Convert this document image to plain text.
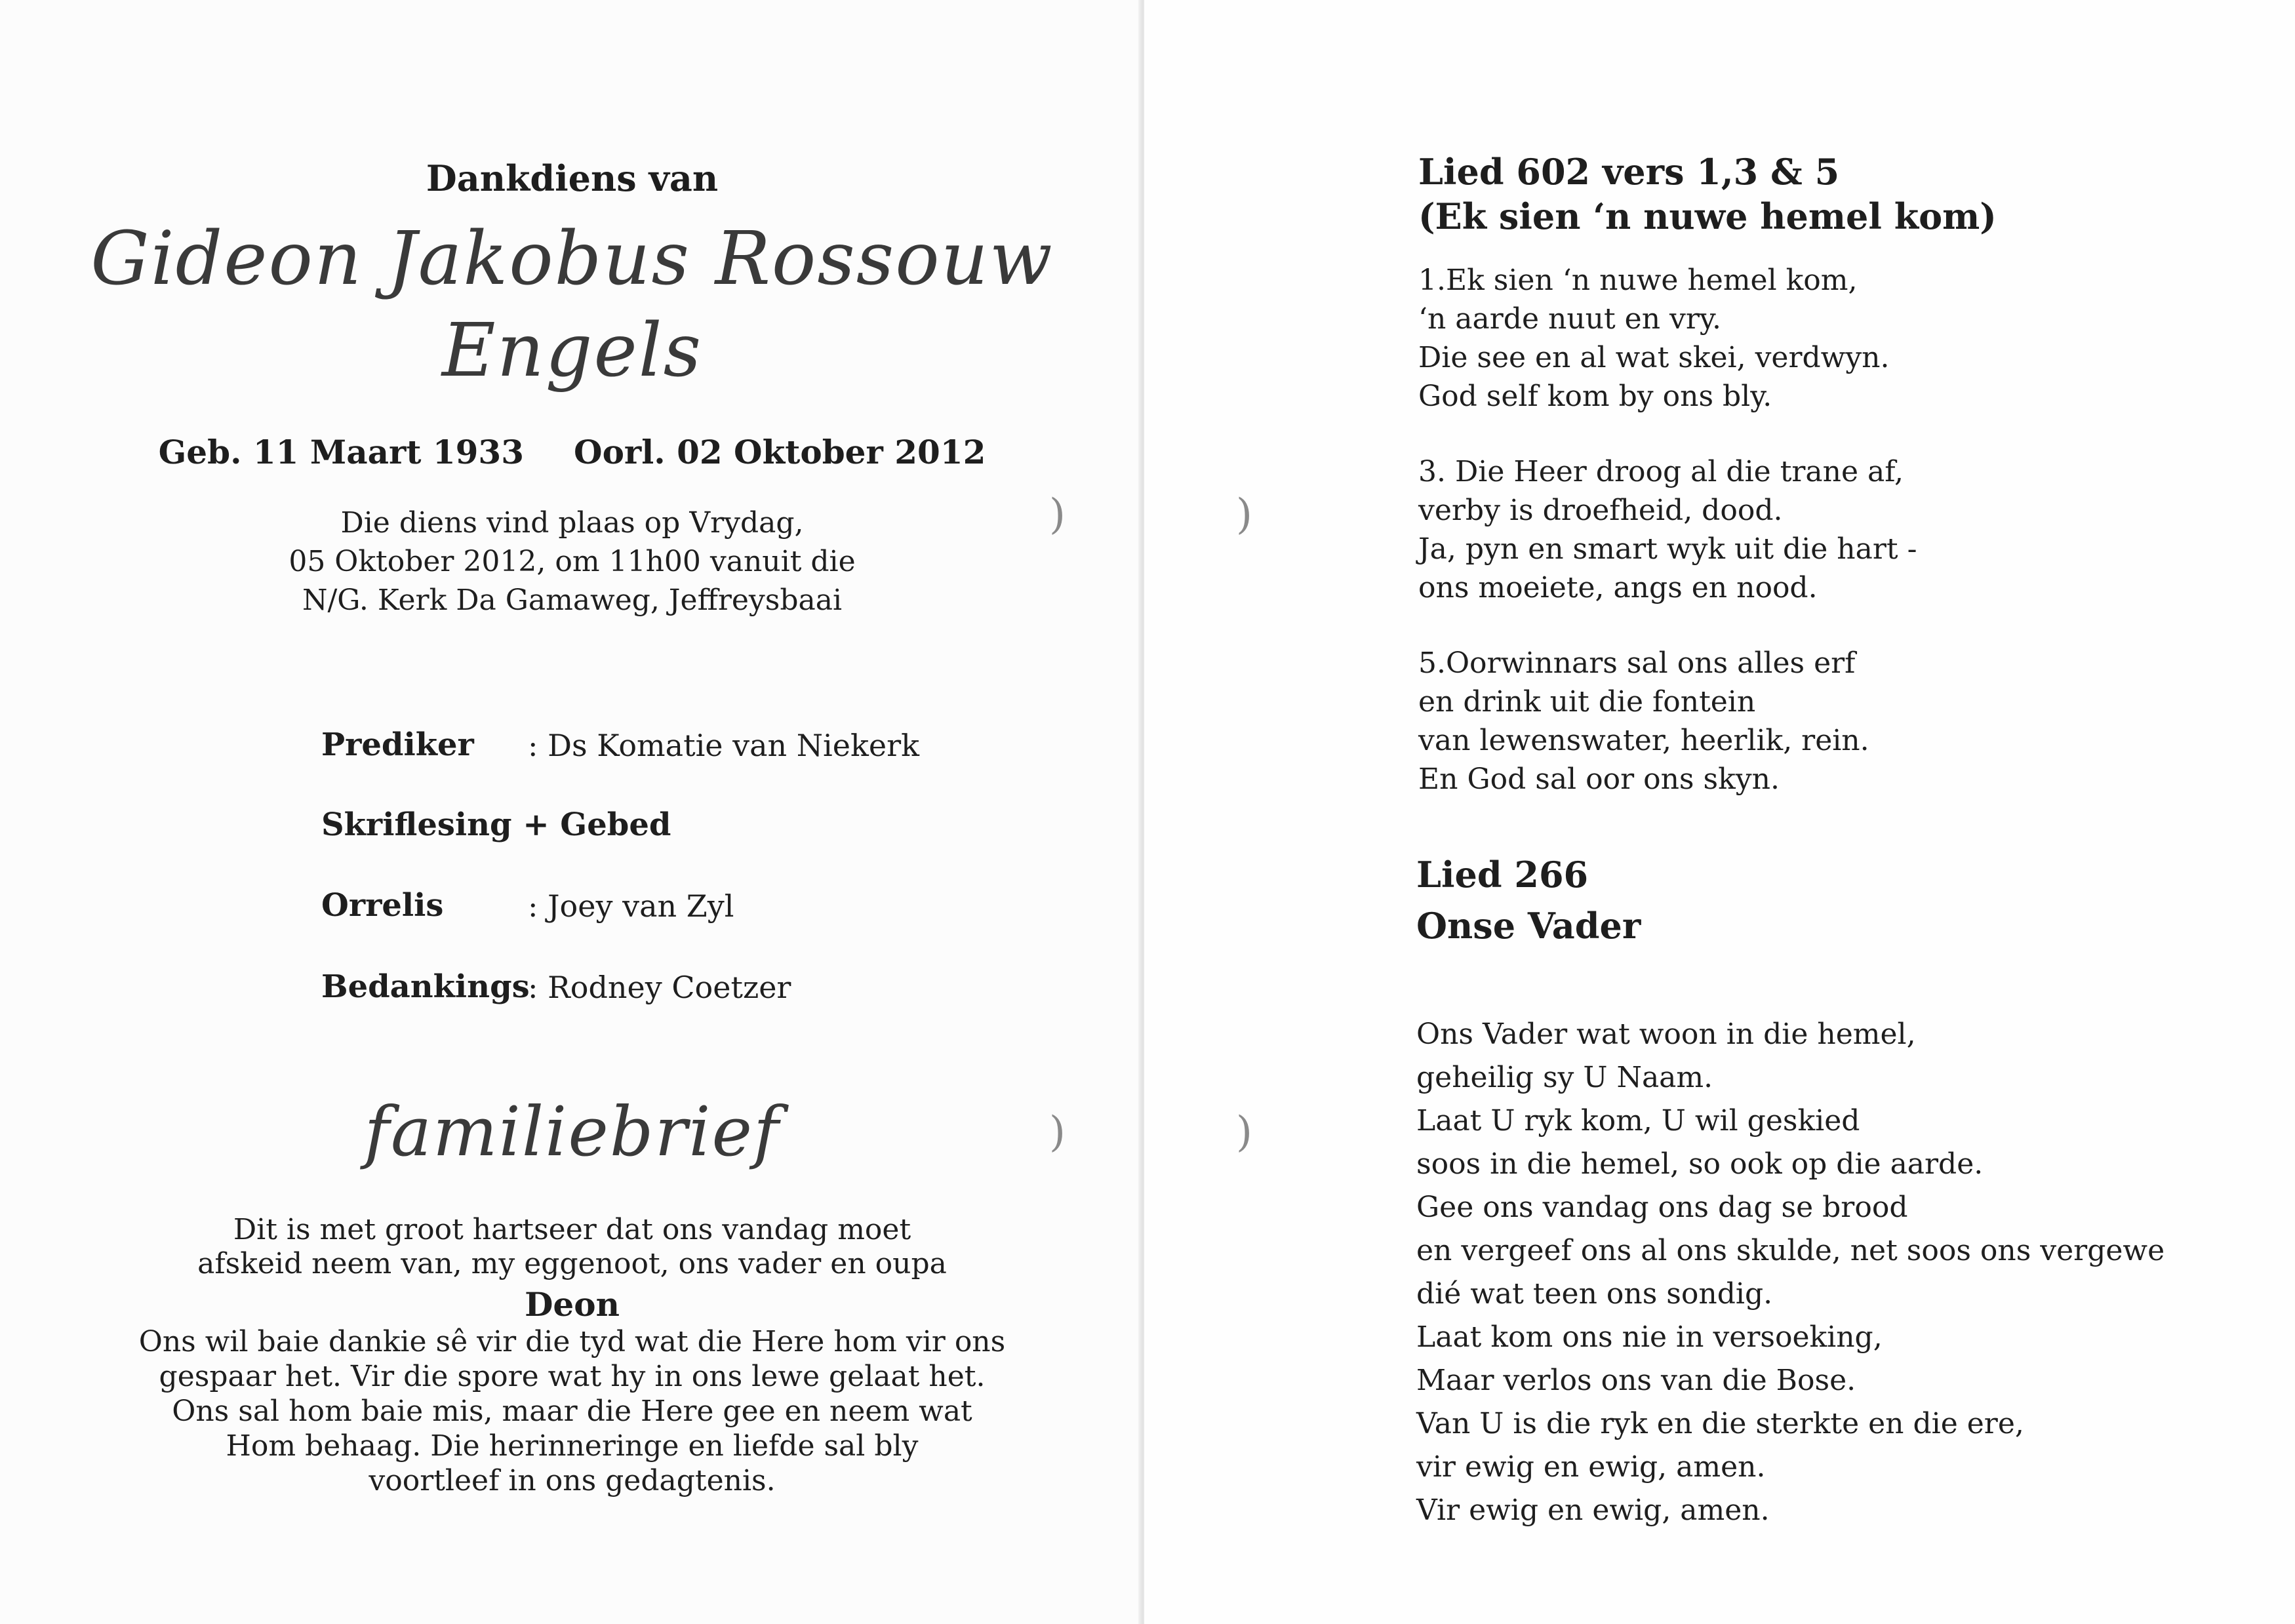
Dankdiens van
Gideon Jakobus Rossouw
Engels
Geb. 11 Maart 1933 Oorl. 02 Oktober 2012
Die diens vind plaas op Vrydag,
05 Oktober 2012, om 11h00 vanuit die
N/G. Kerk Da Gamaweg, Jeffreysbaai
Prediker : Ds Komatie van Niekerk
Skriflesing + Gebed
Orrelis	: Joey van Zyl
Bedankings
: Rodney Coetzer
familiebrief
Dit is met groot hartseer dat ons vandag moet
afskeid neem van, my eggenoot, ons vader en oupa
Deon
Ons wil baie dankie sê vir die tyd wat die Here hom vir ons
gespaar het. Vir die spore wat hy in ons lewe gelaat het.
Ons sal hom baie mis, maar die Here gee en neem wat
Hom behaag. Die herinneringe en liefde sal bly
voortleef in ons gedagtenis.
)
)
)
)
Lied 602 vers 1,3 & 5
(Ek sien ‘n nuwe hemel kom)
1.Ek sien ‘n nuwe hemel kom,
‘n aarde nuut en vry.
Die see en al wat skei, verdwyn.
God self kom by ons bly.
3. Die Heer droog al die trane af,
verby is droefheid, dood.
Ja, pyn en smart wyk uit die hart -
ons moeiete, angs en nood.
5.Oorwinnars sal ons alles erf
en drink uit die fontein
van lewenswater, heerlik, rein.
En God sal oor ons skyn.
Lied 266
Onse Vader
Ons Vader wat woon in die hemel,
geheilig sy U Naam.
Laat U ryk kom, U wil geskied
soos in die hemel, so ook op die aarde.
Gee ons vandag ons dag se brood
en vergeef ons al ons skulde, net soos ons vergewe
dié wat teen ons sondig.
Laat kom ons nie in versoeking,
Maar verlos ons van die Bose.
Van U is die ryk en die sterkte en die ere,
vir ewig en ewig, amen.
Vir ewig en ewig, amen.
